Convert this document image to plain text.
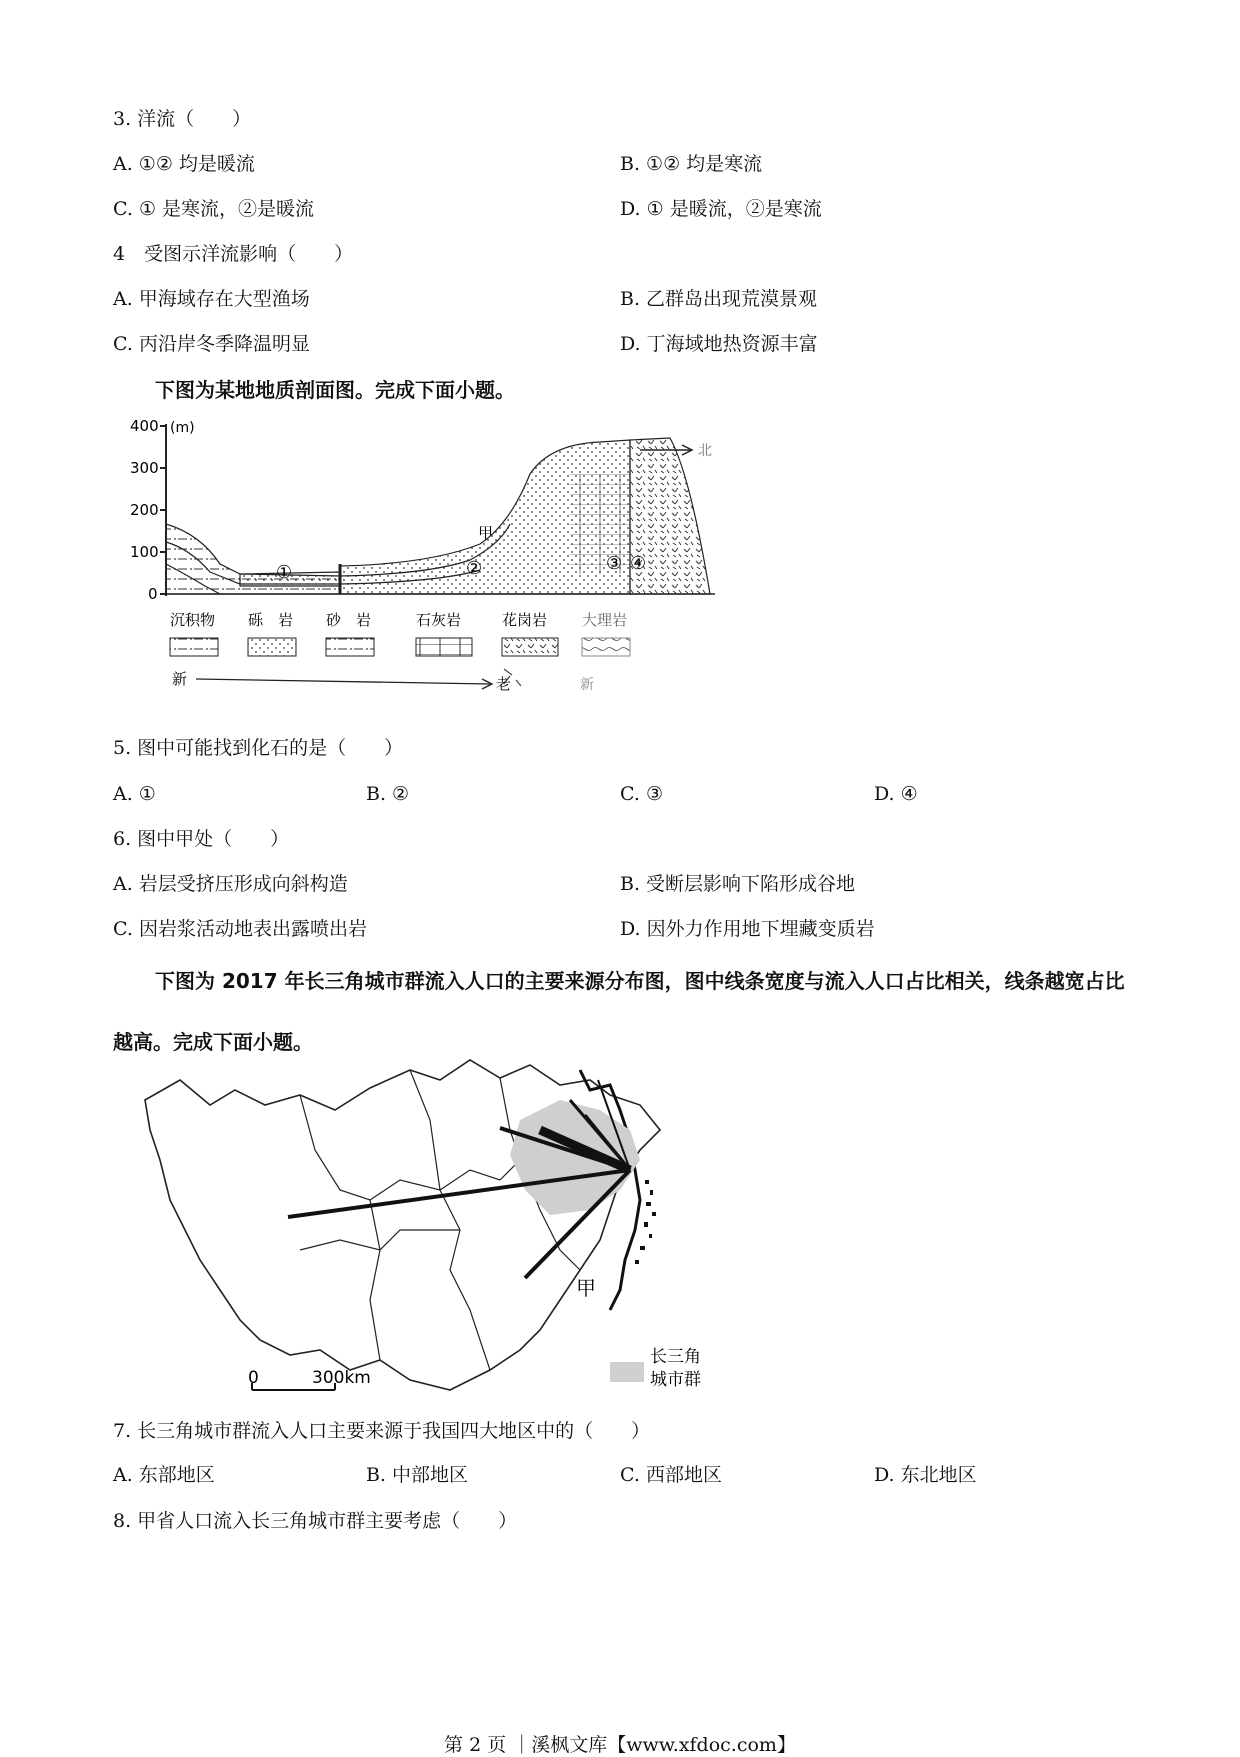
3. 洋流（　　）
A. ①② 均是暖流	B. ①② 均是寒流
C. ① 是寒流，②是暖流	D. ① 是暖流，②是寒流
4　受图示洋流影响（　　）
A. 甲海域存在大型渔场	B. 乙群岛出现荒漠景观
C. 丙沿岸冬季降温明显	D. 丁海域地热资源丰富
下图为某地地质剖面图。完成下面小题。
400
300
200
100
0
(m)
北
甲
①	②	③ ④
沉积物 砾　岩 砂　岩	石灰岩	花岗岩 大理岩
新	老	新
5. 图中可能找到化石的是（　　）
A. ①	B. ②	C. ③	D. ④
6. 图中甲处（　　）
A. 岩层受挤压形成向斜构造	B. 受断层影响下陷形成谷地
C. 因岩浆活动地表出露喷出岩	D. 因外力作用地下埋藏变质岩
下图为 2017 年长三角城市群流入人口的主要来源分布图，图中线条宽度与流入人口占比相关，线条越宽占比越高。完成下面小题。
甲
0	300km
长三角
城市群
7. 长三角城市群流入人口主要来源于我国四大地区中的（　　）
A. 东部地区	B. 中部地区	C. 西部地区	D. 东北地区
8. 甲省人口流入长三角城市群主要考虑（　　）
第 2 页 ｜溪枫文库【www.xfdoc.com】
